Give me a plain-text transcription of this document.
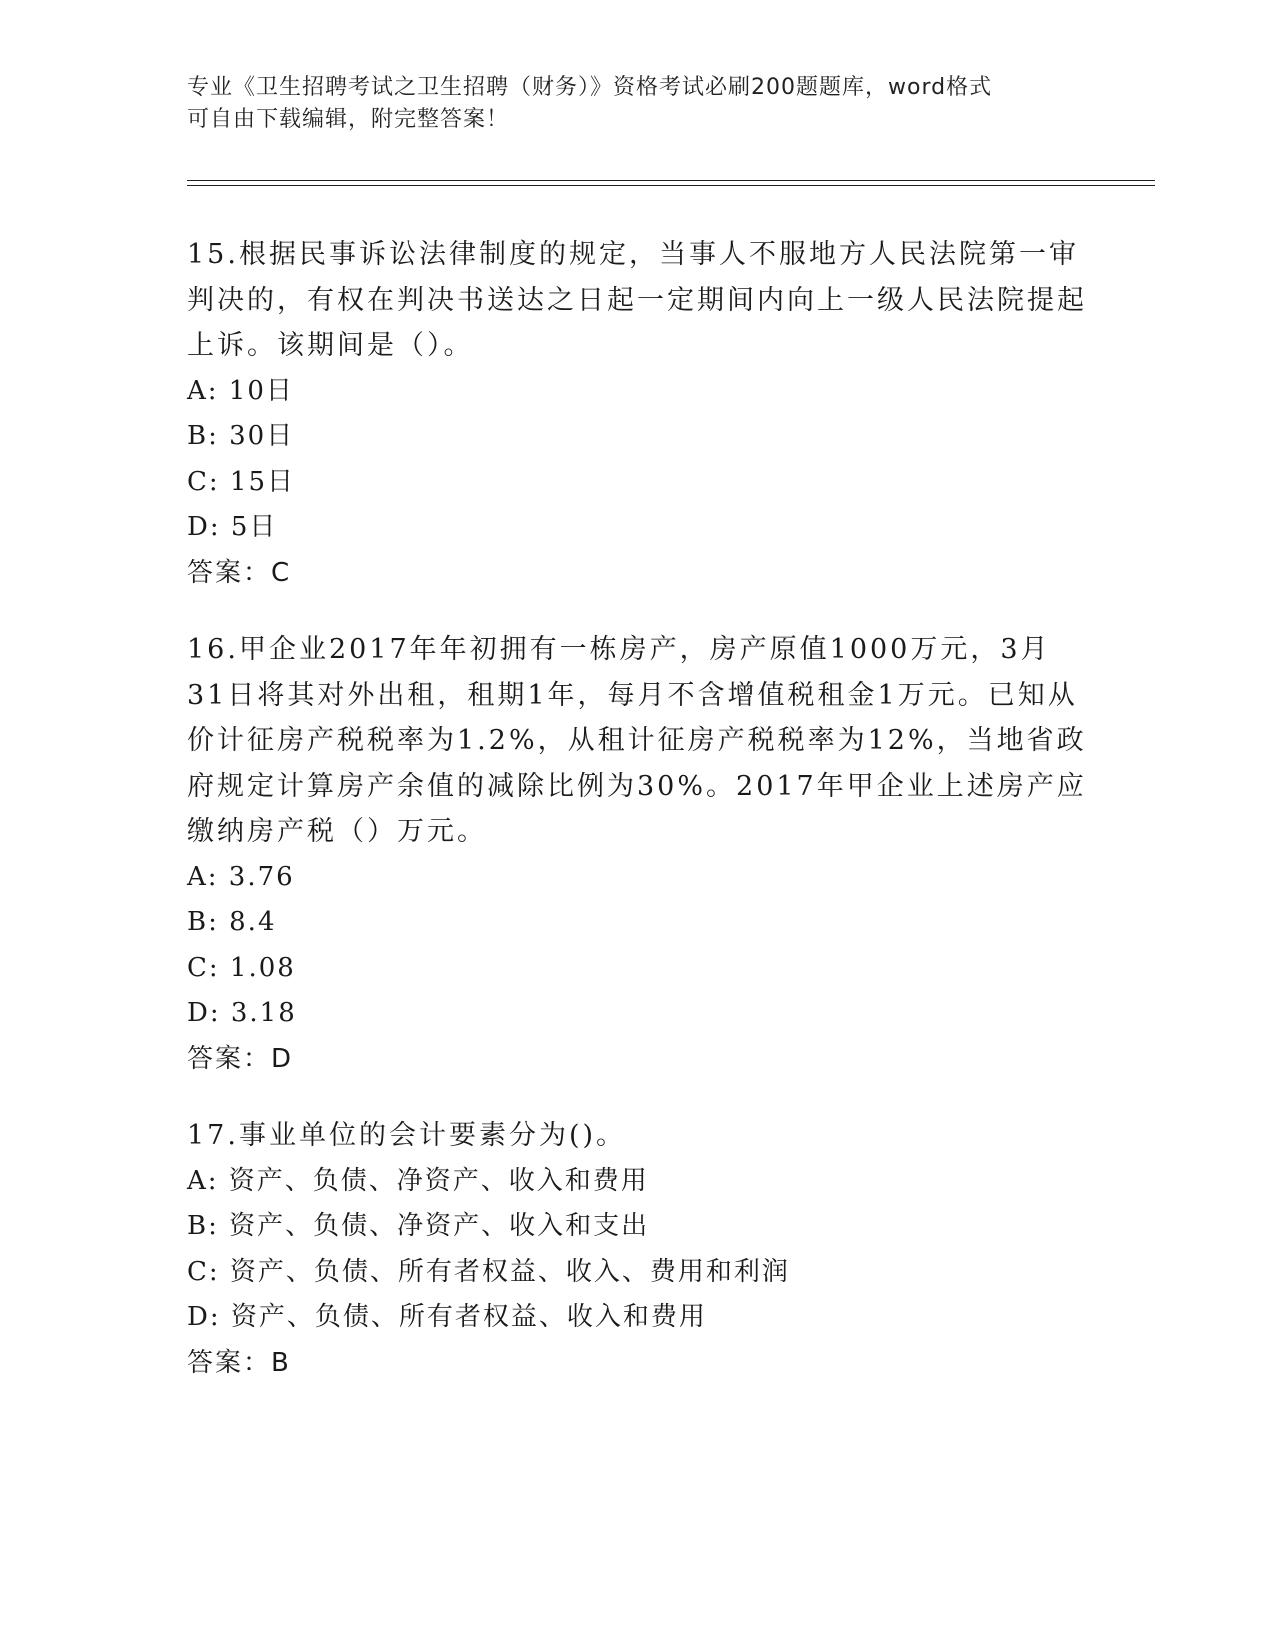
专业《卫生招聘考试之卫生招聘（财务）》资格考试必刷200题题库，word格式
可自由下载编辑，附完整答案！

15.根据民事诉讼法律制度的规定，当事人不服地方人民法院第一审判决的，有权在判决书送达之日起一定期间内向上一级人民法院提起上诉。该期间是（）。

A: 10日

B: 30日

C: 15日

D: 5日

答案：C

16.甲企业2017年年初拥有一栋房产，房产原值1000万元，3月31日将其对外出租，租期1年，每月不含增值税租金1万元。已知从价计征房产税税率为1.2%，从租计征房产税税率为12%，当地省政府规定计算房产余值的减除比例为30%。2017年甲企业上述房产应缴纳房产税（）万元。

A: 3.76

B: 8.4

C: 1.08

D: 3.18

答案：D

17.事业单位的会计要素分为()。

A: 资产、负债、净资产、收入和费用

B: 资产、负债、净资产、收入和支出

C: 资产、负债、所有者权益、收入、费用和利润

D: 资产、负债、所有者权益、收入和费用

答案：B
